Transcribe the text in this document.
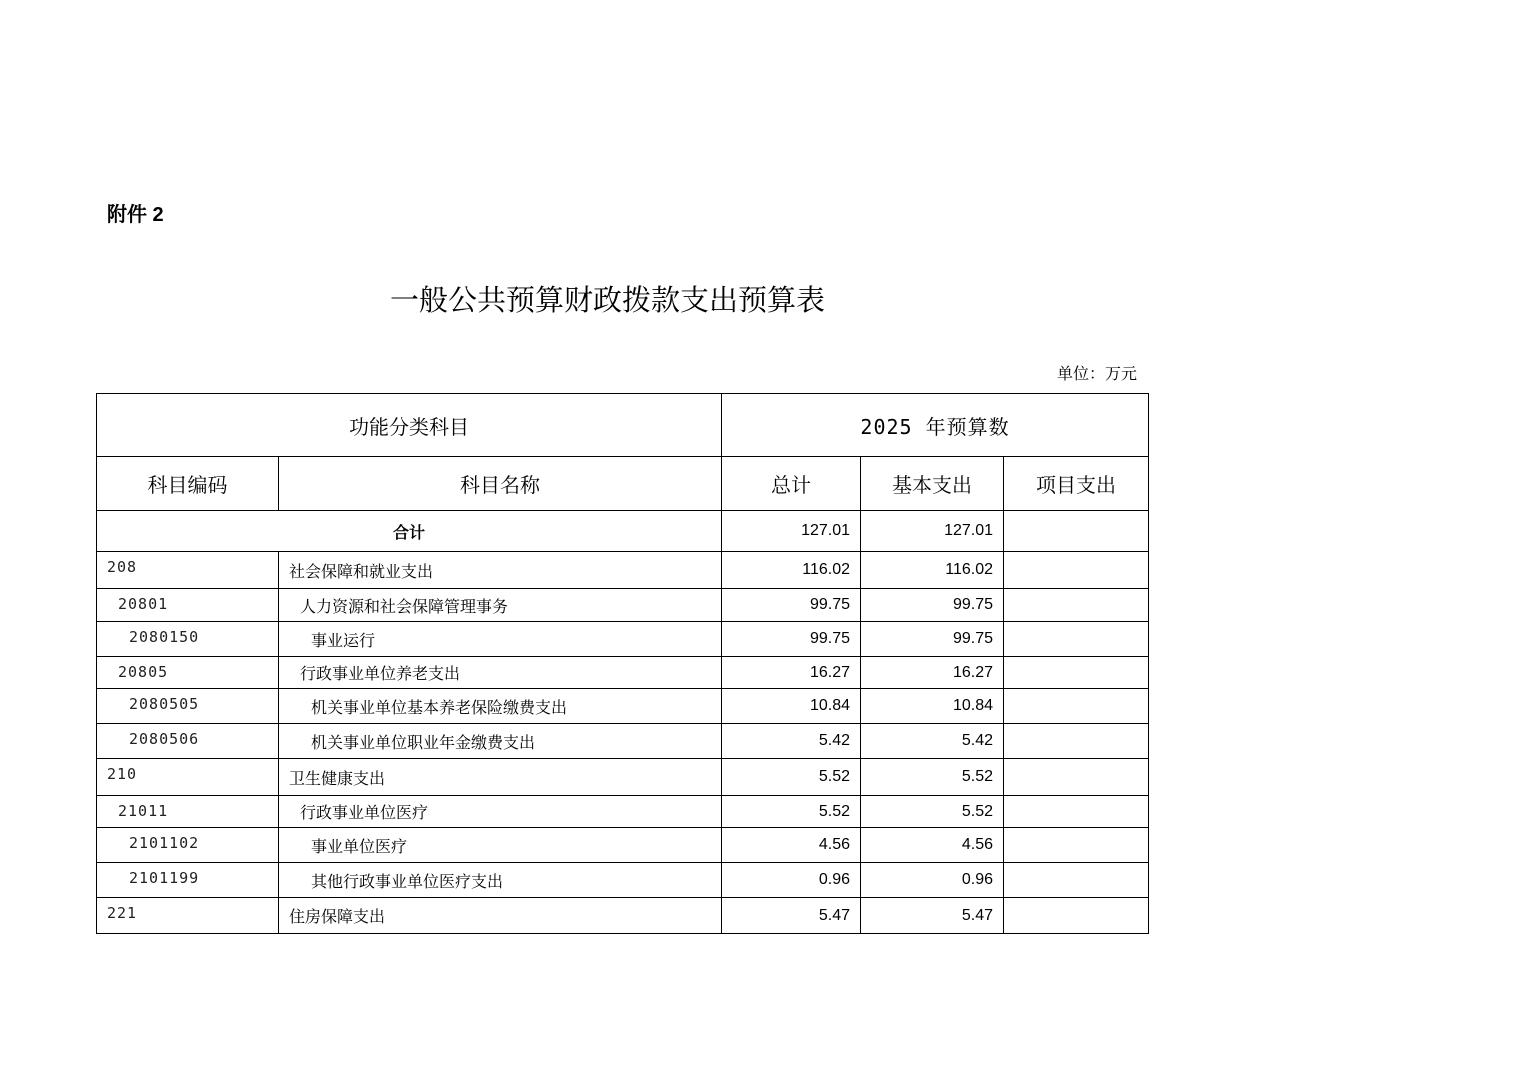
附件 2
一般公共预算财政拨款支出预算表
单位：万元
功能分类科目		2025 年预算数		
科目编码	科目名称	总计	基本支出	项目支出
合计		127.01	127.01	
208	社会保障和就业支出	116.02	116.02	
20801	人力资源和社会保障管理事务	99.75	99.75	
2080150	事业运行	99.75	99.75	
20805	行政事业单位养老支出	16.27	16.27	
2080505	机关事业单位基本养老保险缴费支出	10.84	10.84	
2080506	机关事业单位职业年金缴费支出	5.42	5.42	
210	卫生健康支出	5.52	5.52	
21011	行政事业单位医疗	5.52	5.52	
2101102	事业单位医疗	4.56	4.56	
2101199	其他行政事业单位医疗支出	0.96	0.96	
221	住房保障支出	5.47	5.47	
